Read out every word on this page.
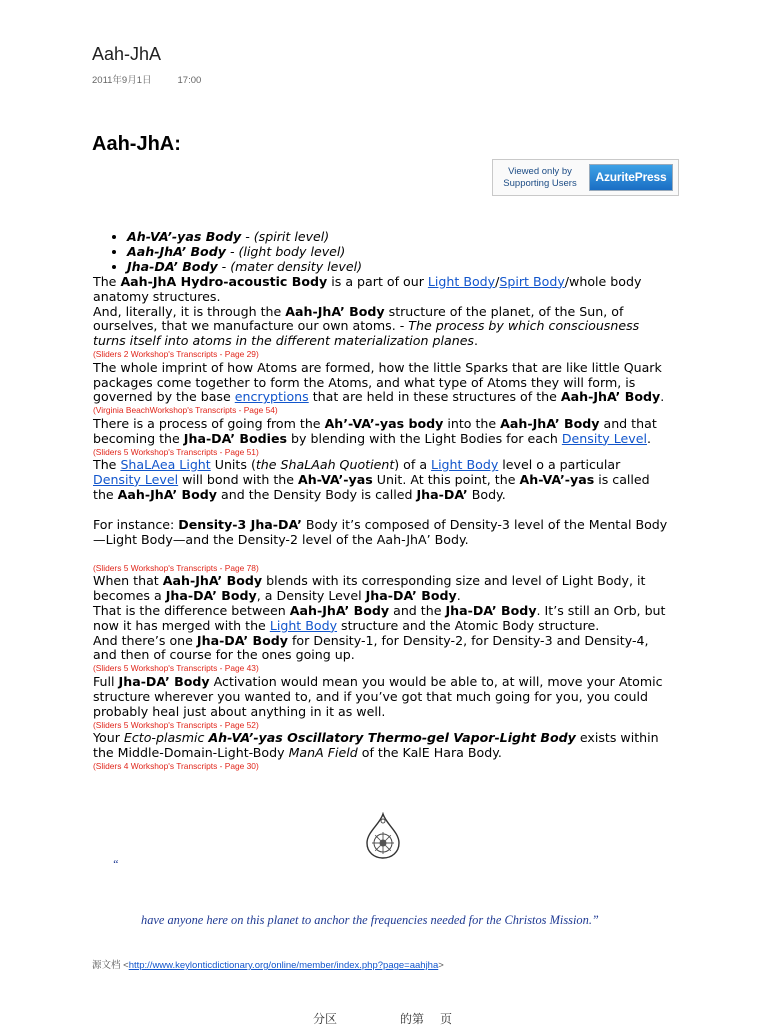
Aah-JhA
2011年9月1日	17:00
Aah-JhA:
Viewed only by
Supporting Users	AzuritePress
• Ah-VA’-yas Body - (spirit level)
• Aah-JhA’ Body - (light body level)
• Jha-DA’ Body - (mater density level)

The Aah-JhA Hydro-acoustic Body is a part of our Light Body/Spirt Body/whole body anatomy structures.

And, literally, it is through the Aah-JhA’ Body structure of the planet, of the Sun, of ourselves, that we manufacture our own atoms. - The process by which consciousness turns itself into atoms in the different materialization planes.

(Sliders 2 Workshop's Transcripts - Page 29)

The whole imprint of how Atoms are formed, how the little Sparks that are like little Quark packages come together to form the Atoms, and what type of Atoms they will form, is governed by the base encryptions that are held in these structures of the Aah-JhA’ Body.

(Virginia BeachWorkshop's Transcripts - Page 54)

There is a process of going from the Ah’-VA’-yas body into the Aah-JhA’ Body and that becoming the Jha-DA’ Bodies by blending with the Light Bodies for each Density Level.

(Sliders 5 Workshop's Transcripts - Page 51)

The ShaLAea Light Units (the ShaLAah Quotient) of a Light Body level o a particular Density Level will bond with the Ah-VA’-yas Unit. At this point, the Ah-VA’-yas is called the Aah-JhA’ Body and the Density Body is called Jha-DA’ Body.

For instance: Density-3 Jha-DA’ Body it’s composed of Density-3 level of the Mental Body—Light Body—and the Density-2 level of the Aah-JhA’ Body.

(Sliders 5 Workshop's Transcripts - Page 78)

When that Aah-JhA’ Body blends with its corresponding size and level of Light Body, it becomes a Jha-DA’ Body, a Density Level Jha-DA’ Body.

That is the difference between Aah-JhA’ Body and the Jha-DA’ Body. It’s still an Orb, but now it has merged with the Light Body structure and the Atomic Body structure.

And there’s one Jha-DA’ Body for Density-1, for Density-2, for Density-3 and Density-4, and then of course for the ones going up.

(Sliders 5 Workshop's Transcripts - Page 43)

Full Jha-DA’ Body Activation would mean you would be able to, at will, move your Atomic structure wherever you wanted to, and if you’ve got that much going for you, you could probably heal just about anything in it as well.

(Sliders 5 Workshop's Transcripts - Page 52)

Your Ecto-plasmic Ah-VA’-yas Oscillatory Thermo-gel Vapor-Light Body exists within the Middle-Domain-Light-Body ManA Field of the KalE Hara Body.

(Sliders 4 Workshop's Transcripts - Page 30)
“
have anyone here on this planet to anchor the frequencies needed for the Christos Mission.”
源文档 <http://www.keylonticdictionary.org/online/member/index.php?page=aahjha>
分区	的第 页
